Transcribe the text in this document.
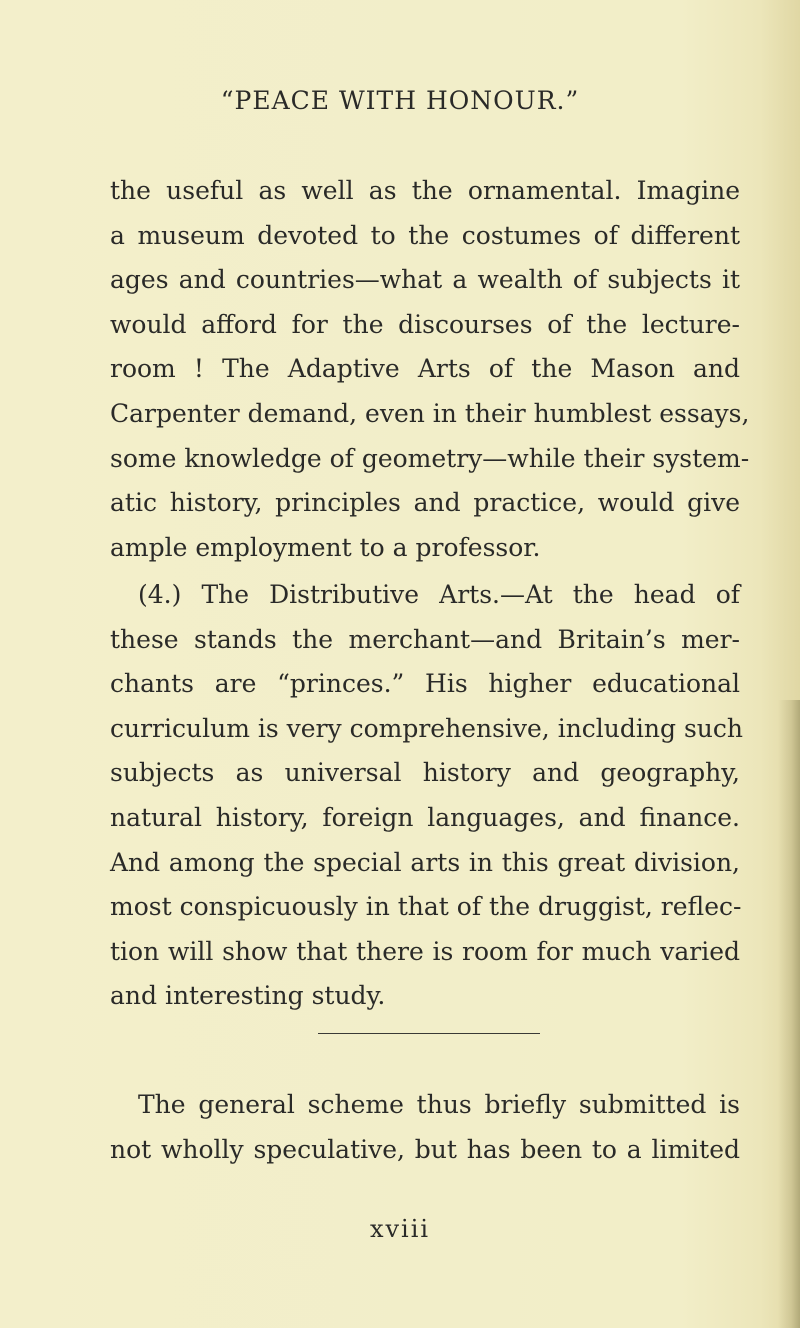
“PEACE WITH HONOUR.”
the useful as well as the ornamental. Imagine
a museum devoted to the costumes of different
ages and countries—what a wealth of subjects it
would afford for the discourses of the lecture-
room ! The Adaptive Arts of the Mason and
Carpenter demand, even in their humblest essays,
some knowledge of geometry—while their system-
atic history, principles and practice, would give
ample employment to a professor.
(4.) The Distributive Arts.—At the head of
these stands the merchant—and Britain’s mer-
chants are “princes.” His higher educational
curriculum is very comprehensive, including such
subjects as universal history and geography,
natural history, foreign languages, and finance.
And among the special arts in this great division,
most conspicuously in that of the druggist, reflec-
tion will show that there is room for much varied
and interesting study.
The general scheme thus briefly submitted is
not wholly speculative, but has been to a limited
xviii
